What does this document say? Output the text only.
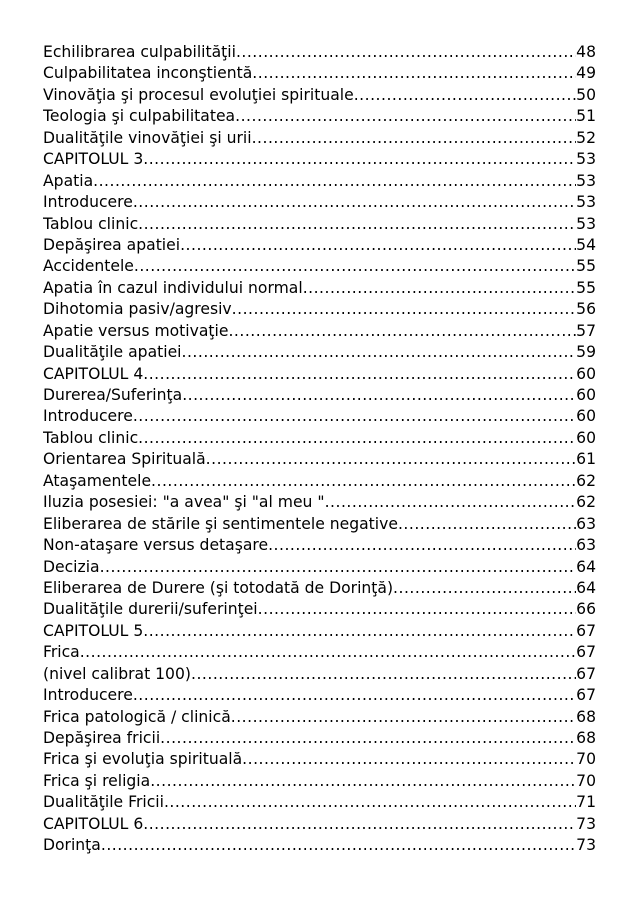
Echilibrarea culpabilităţii .....	48
Culpabilitatea inconştientă .....	49
Vinovăţia şi procesul evoluţiei spirituale .....	50
Teologia şi culpabilitatea .....	51
Dualităţile vinovăţiei şi urii .....	52
CAPITOLUL 3 .....	53
Apatia .....	53
Introducere .....	53
Tablou clinic .....	53
Depăşirea apatiei .....	54
Accidentele .....	55
Apatia în cazul individului normal .....	55
Dihotomia pasiv/agresiv .....	56
Apatie versus motivaţie .....	57
Dualităţile apatiei .....	59
CAPITOLUL 4 .....	60
Durerea/Suferinţa .....	60
Introducere .....	60
Tablou clinic .....	60
Orientarea Spirituală .....	61
Ataşamentele .....	62
Iluzia posesiei: "a avea" şi "al meu " .....	62
Eliberarea de stările şi sentimentele negative .....	63
Non-ataşare versus detaşare .....	63
Decizia .....	64
Eliberarea de Durere (şi totodată de Dorinţă) .....	64
Dualităţile durerii/suferinţei .....	66
CAPITOLUL 5 .....	67
Frica .....	67
(nivel calibrat 100) .....	67
Introducere .....	67
Frica patologică / clinică .....	68
Depăşirea fricii .....	68
Frica şi evoluţia spirituală .....	70
Frica şi religia .....	70
Dualităţile Fricii .....	71
CAPITOLUL 6 .....	73
Dorinţa .....	73
